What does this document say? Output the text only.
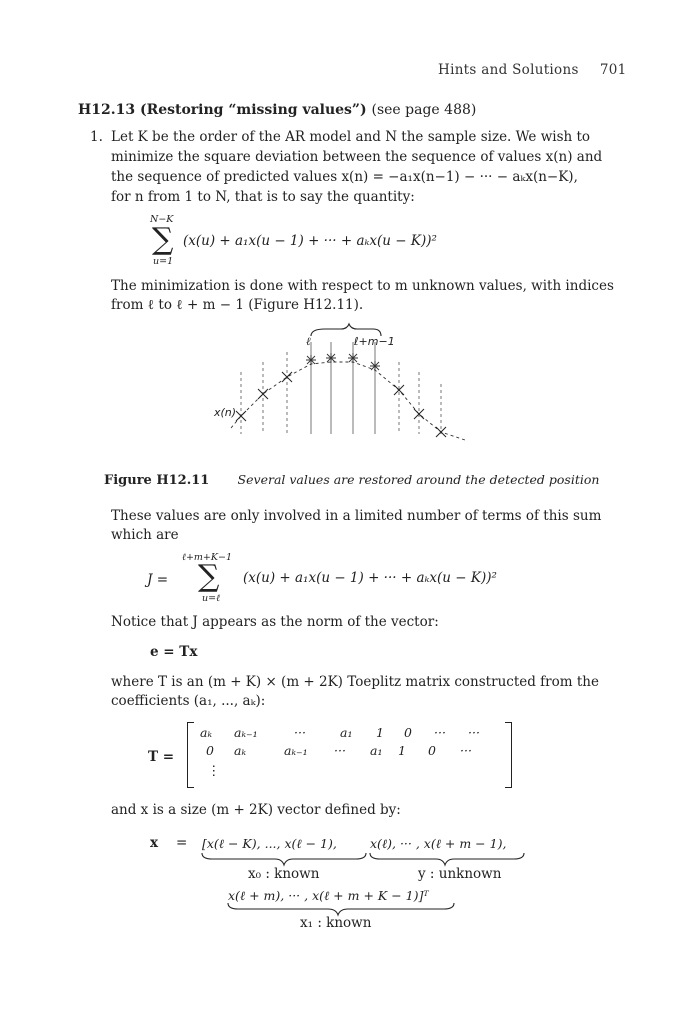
Hints and Solutions 701
H12.13 (Restoring “missing values”) (see page 488)
1. Let K be the order of the AR model and N the sample size. We wish to
minimize the square deviation between the sequence of values x(n) and
the sequence of predicted values x(n) = −a₁x(n−1) − ··· − aₖx(n−K),
for n from 1 to N, that is to say the quantity:
N−K
∑
u=1
(x(u) + a₁x(u − 1) + ··· + aₖx(u − K))²
The minimization is done with respect to m unknown values, with indices
from ℓ to ℓ + m − 1 (Figure H12.11).
ℓ	ℓ+m−1
x(n)
Figure H12.11 Several values are restored around the detected position
These values are only involved in a limited number of terms of this sum
which are
J =
ℓ+m+K−1
∑
u=ℓ
(x(u) + a₁x(u − 1) + ··· + aₖx(u − K))²
Notice that J appears as the norm of the vector:
e = Tx
where T is an (m + K) × (m + 2K) Toeplitz matrix constructed from the
coefficients (a₁, ..., aₖ):
T =
aₖ aₖ₋₁	···	a₁ 1 0 ··· ···
0 aₖ	aₖ₋₁ ··· a₁ 1 0 ···
⋮
and x is a size (m + 2K) vector defined by:
x = [x(ℓ − K), ..., x(ℓ − 1),	x(ℓ), ··· , x(ℓ + m − 1),
x₀ : known	y : unknown
x(ℓ + m), ··· , x(ℓ + m + K − 1)]ᵀ
x₁ : known
